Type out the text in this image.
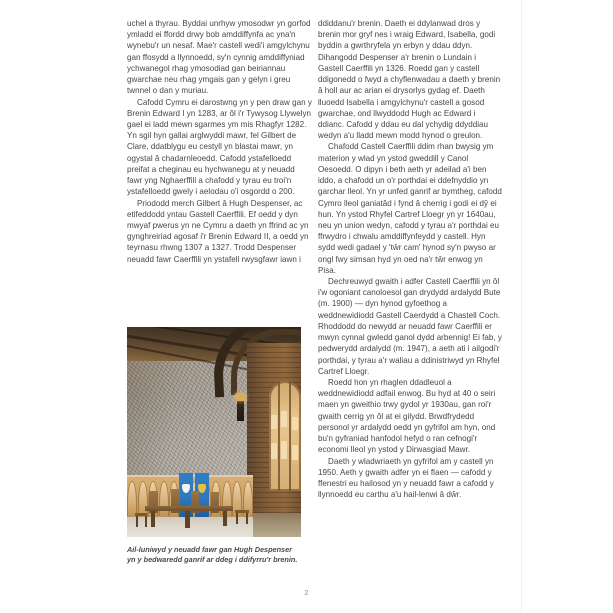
uchel a thyrau. Byddai unrhyw ymosodwr yn gorfod ymladd ei ffordd drwy bob amddiffynfa ac yna'n wynebu'r un nesaf. Mae'r castell wedi'i amgylchynu gan ffosydd a llynnoedd, sy'n cynnig amddiffyniad ychwanegol rhag ymosodiad gan beiriannau gwarchae neu rhag ymgais gan y gelyn i greu twnnel o dan y muriau.

Cafodd Cymru ei darostwng yn y pen draw gan y Brenin Edward I yn 1283, ar ôl i'r Tywysog Llywelyn gael ei ladd mewn sgarmes ym mis Rhagfyr 1282. Yn sgil hyn gallai arglwyddi mawr, fel Gilbert de Clare, ddatblygu eu cestyll yn blastai mawr, yn ogystal â chadarnleoedd. Cafodd ystafelloedd preifat a cheginau eu hychwanegu at y neuadd fawr yng Nghaerffili a chafodd y tyrau eu troi'n ystafelloedd gwely i aelodau o'i osgordd o 200.

Priododd merch Gilbert â Hugh Despenser, ac etifeddodd yntau Gastell Caerffili. Ef oedd y dyn mwyaf pwerus yn ne Cymru a daeth yn ffrind ac yn gynghreiriad agosaf i'r Brenin Edward II, a oedd yn teyrnasu rhwng 1307 a 1327. Trodd Despenser neuadd fawr Caerffili yn ystafell rwysgfawr iawn i

Ail-luniwyd y neuadd fawr gan Hugh Despenser yn y bedwaredd ganrif ar ddeg i ddifyrru'r brenin.

ddiddanu'r brenin. Daeth ei ddylanwad dros y brenin mor gryf nes i wraig Edward, Isabella, godi byddin a gwrthryfela yn erbyn y ddau ddyn. Dihangodd Despenser a'r brenin o Lundain i Gastell Caerffili yn 1326. Roedd gan y castell ddigonedd o fwyd a chyflenwadau a daeth y brenin â holl aur ac arian ei drysorlys gydag ef. Daeth lluoedd Isabella i amgylchynu'r castell a gosod gwarchae, ond llwyddodd Hugh ac Edward i ddianc. Cafodd y ddau eu dal ychydig ddyddiau wedyn a'u lladd mewn modd hynod o greulon.

Chafodd Castell Caerffili ddim rhan bwysig ym materion y wlad yn ystod gweddill y Canol Oesoedd. O dipyn i beth aeth yr adeilad a'i ben iddo, a chafodd un o'r porthdai ei ddefnyddio yn garchar lleol. Yn yr unfed ganrif ar bymtheg, cafodd Cymro lleol ganiatâd i fynd â cherrig i godi ei dŷ ei hun. Yn ystod Rhyfel Cartref Lloegr yn yr 1640au, neu yn union wedyn, cafodd y tyrau a'r porthdai eu ffrwydro i chwalu amddiffynfeydd y castell. Hyn sydd wedi gadael y 'tŵr cam' hynod sy'n pwyso ar ongl fwy simsan hyd yn oed na'r tŵr enwog yn Pisa.

Dechreuwyd gwaith i adfer Castell Caerffili yn ôl i'w ogoniant canoloesol gan drydydd ardalydd Bute (m. 1900) — dyn hynod gyfoethog a weddnewidiodd Gastell Caerdydd a Chastell Coch. Rhoddodd do newydd ar neuadd fawr Caerffili er mwyn cynnal gwledd ganol dydd arbennig! Ei fab, y pedwerydd ardalydd (m. 1947), a aeth ati i ailgodi'r porthdai, y tyrau a'r waliau a ddinistriwyd yn Rhyfel Cartref Lloegr.

Roedd hon yn rhaglen ddadleuol a weddnewidiodd adfail enwog. Bu hyd at 40 o seiri maen yn gweithio trwy gydol yr 1930au, gan roi'r gwaith cerrig yn ôl at ei gilydd. Brwdfrydedd personol yr ardalydd oedd yn gyfrifol am hyn, ond bu'n gyfraniad hanfodol hefyd o ran cefnogi'r economi lleol yn ystod y Dirwasgiad Mawr.

Daeth y wladwriaeth yn gyfrifol am y castell yn 1950. Aeth y gwaith adfer yn ei flaen — cafodd y ffenestri eu hailosod yn y neuadd fawr a cafodd y llynnoedd eu carthu a'u hail-lenwi â dŵr.

2
